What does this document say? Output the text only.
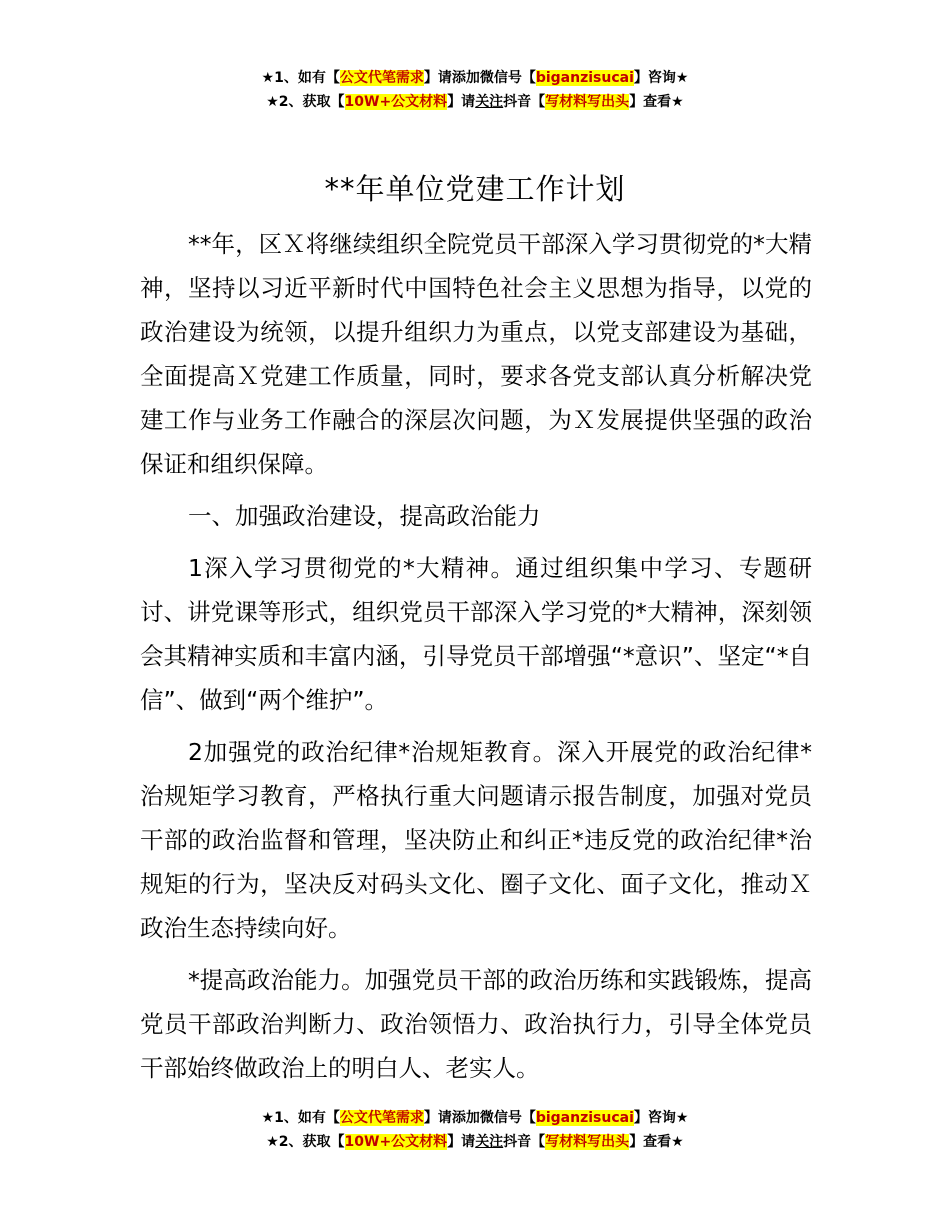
★1、如有【公文代笔需求】请添加微信号【biganzisucai】咨询★
★2、获取【10W+公文材料】请关注抖音【写材料写出头】查看★
**年单位党建工作计划

**年，区Ｘ将继续组织全院党员干部深入学习贯彻党的*大精神，坚持以习近平新时代中国特色社会主义思想为指导，以党的政治建设为统领，以提升组织力为重点，以党支部建设为基础，全面提高Ｘ党建工作质量，同时，要求各党支部认真分析解决党建工作与业务工作融合的深层次问题，为Ｘ发展提供坚强的政治保证和组织保障。

一、加强政治建设，提高政治能力

1深入学习贯彻党的*大精神。通过组织集中学习、专题研讨、讲党课等形式，组织党员干部深入学习党的*大精神，深刻领会其精神实质和丰富内涵，引导党员干部增强“*意识”、坚定“*自信”、做到“两个维护”。

2加强党的政治纪律*治规矩教育。深入开展党的政治纪律*治规矩学习教育，严格执行重大问题请示报告制度，加强对党员干部的政治监督和管理，坚决防止和纠正*违反党的政治纪律*治规矩的行为，坚决反对码头文化、圈子文化、面子文化，推动Ｘ政治生态持续向好。

*提高政治能力。加强党员干部的政治历练和实践锻炼，提高党员干部政治判断力、政治领悟力、政治执行力，引导全体党员干部始终做政治上的明白人、老实人。

★1、如有【公文代笔需求】请添加微信号【biganzisucai】咨询★
★2、获取【10W+公文材料】请关注抖音【写材料写出头】查看★
